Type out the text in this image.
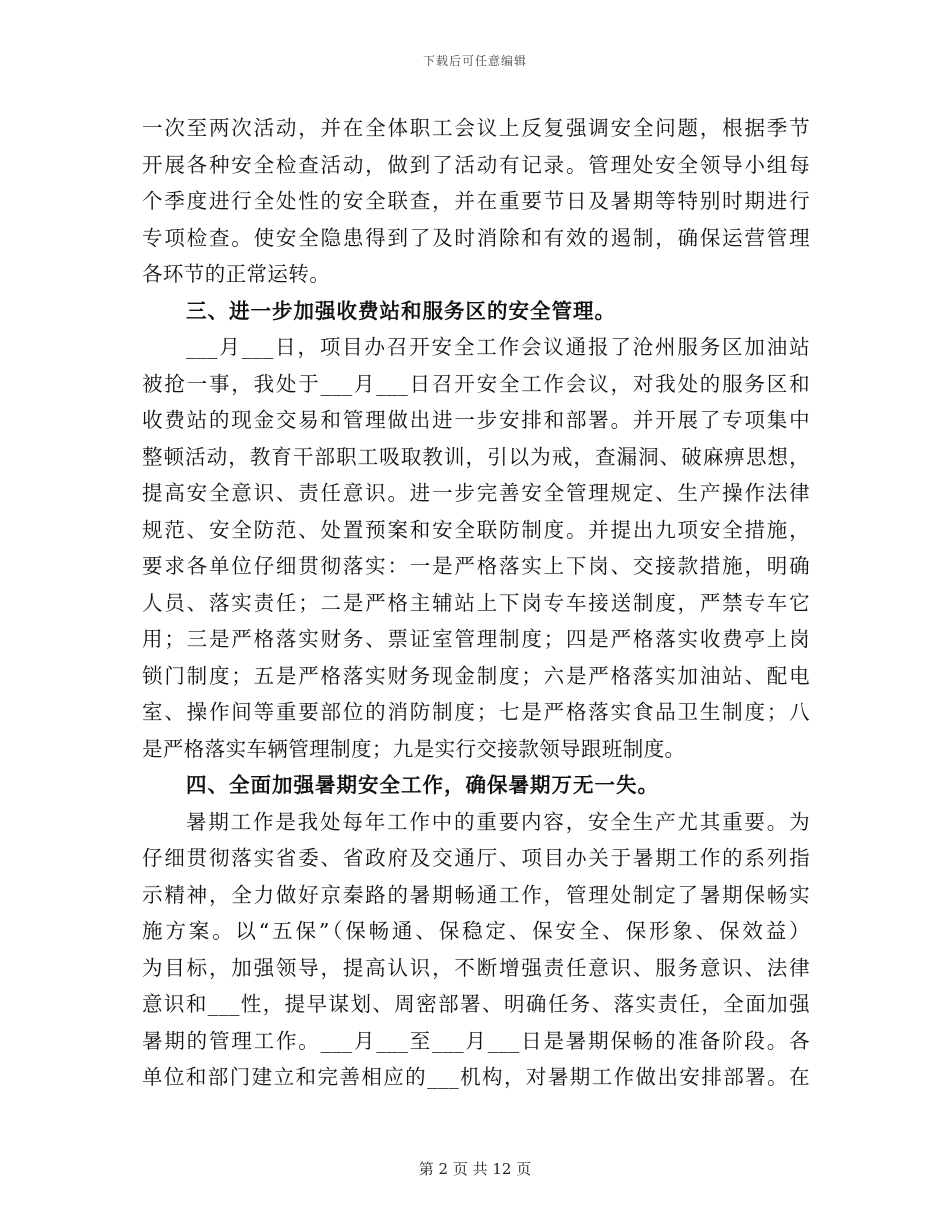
下载后可任意编辑
一次至两次活动，并在全体职工会议上反复强调安全问题，根据季节
开展各种安全检查活动，做到了活动有记录。管理处安全领导小组每
个季度进行全处性的安全联查，并在重要节日及暑期等特别时期进行
专项检查。使安全隐患得到了及时消除和有效的遏制，确保运营管理
各环节的正常运转。
三、进一步加强收费站和服务区的安全管理。
___月___日，项目办召开安全工作会议通报了沧州服务区加油站
被抢一事，我处于___月___日召开安全工作会议，对我处的服务区和
收费站的现金交易和管理做出进一步安排和部署。并开展了专项集中
整顿活动，教育干部职工吸取教训，引以为戒，查漏洞、破麻痹思想，
提高安全意识、责任意识。进一步完善安全管理规定、生产操作法律
规范、安全防范、处置预案和安全联防制度。并提出九项安全措施，
要求各单位仔细贯彻落实：一是严格落实上下岗、交接款措施，明确
人员、落实责任；二是严格主辅站上下岗专车接送制度，严禁专车它
用；三是严格落实财务、票证室管理制度；四是严格落实收费亭上岗
锁门制度；五是严格落实财务现金制度；六是严格落实加油站、配电
室、操作间等重要部位的消防制度；七是严格落实食品卫生制度；八
是严格落实车辆管理制度；九是实行交接款领导跟班制度。
四、全面加强暑期安全工作，确保暑期万无一失。
暑期工作是我处每年工作中的重要内容，安全生产尤其重要。为
仔细贯彻落实省委、省政府及交通厅、项目办关于暑期工作的系列指
示精神，全力做好京秦路的暑期畅通工作，管理处制定了暑期保畅实
施方案。以“五保”（保畅通、保稳定、保安全、保形象、保效益）
为目标，加强领导，提高认识，不断增强责任意识、服务意识、法律
意识和___性，提早谋划、周密部署、明确任务、落实责任，全面加强
暑期的管理工作。___月___至___月___日是暑期保畅的准备阶段。各
单位和部门建立和完善相应的___机构，对暑期工作做出安排部署。在
第 2 页 共 12 页
